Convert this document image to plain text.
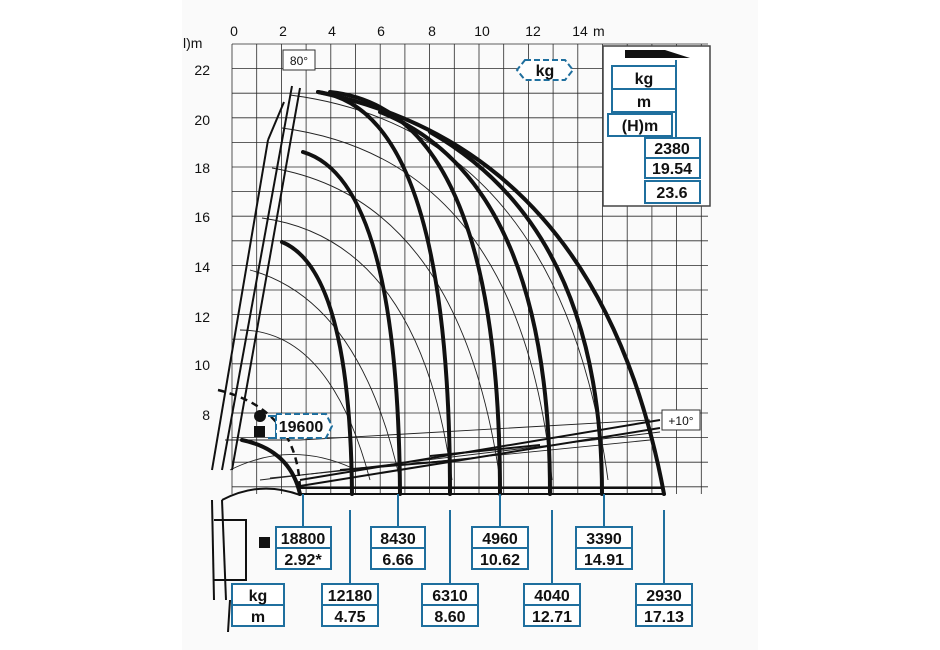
0	2	4	6	8	10	12 14 m
l)m
8
10
12
14
16
18
20
22
80°
+10°
kg	kg
m
(H)m
2380
19.54
23.6
19600
kg
m
18800
2.92*
12180
4.75
8430
6.66
6310
8.60
4960
10.62
4040
12.71
3390
14.91
2930
17.13
